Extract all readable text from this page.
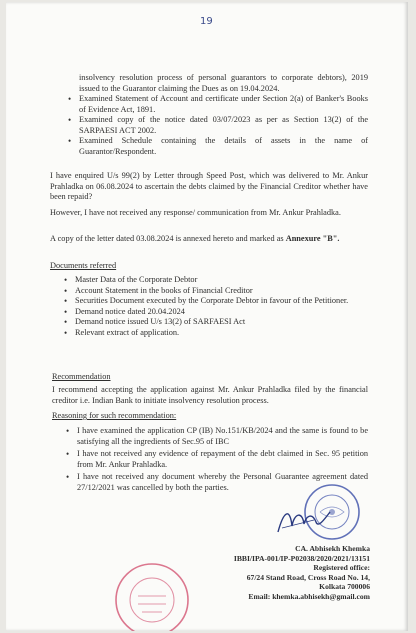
19
insolvency resolution process of personal guarantors to corporate debtors), 2019 issued to the Guarantor claiming the Dues as on 19.04.2024.
• Examined Statement of Account and certificate under Section 2(a) of Banker's Books of Evidence Act, 1891.
• Examined copy of the notice dated 03/07/2023 as per as Section 13(2) of the SARPAESI ACT 2002.
• Examined Schedule containing the details of assets in the name of Guarantor/Respondent.
I have enquired U/s 99(2) by Letter through Speed Post, which was delivered to Mr. Ankur Prahladka on 06.08.2024 to ascertain the debts claimed by the Financial Creditor whether have been repaid?
However, I have not received any response/ communication from Mr. Ankur Prahladka.
A copy of the letter dated 03.08.2024 is annexed hereto and marked as Annexure "B".
Documents referred
• Master Data of the Corporate Debtor
• Account Statement in the books of Financial Creditor
• Securities Document executed by the Corporate Debtor in favour of the Petitioner.
• Demand notice dated 20.04.2024
• Demand notice issued U/s 13(2) of SARFAESI Act
• Relevant extract of application.
Recommendation
I recommend accepting the application against Mr. Ankur Prahladka filed by the financial creditor i.e. Indian Bank to initiate insolvency resolution process.
Reasoning for such recommendation:
• I have examined the application CP (IB) No.151/KB/2024 and the same is found to be satisfying all the ingredients of Sec.95 of IBC
• I have not received any evidence of repayment of the debt claimed in Sec. 95 petition from Mr. Ankur Prahladka.
• I have not received any document whereby the Personal Guarantee agreement dated 27/12/2021 was cancelled by both the parties.
CA. Abhisekh Khemka
IBBI/IPA-001/IP-P02038/2020/2021/13151
Registered office:
67/24 Stand Road, Cross Road No. 14,
Kolkata 700006
Email: khemka.abhisekh@gmail.com
